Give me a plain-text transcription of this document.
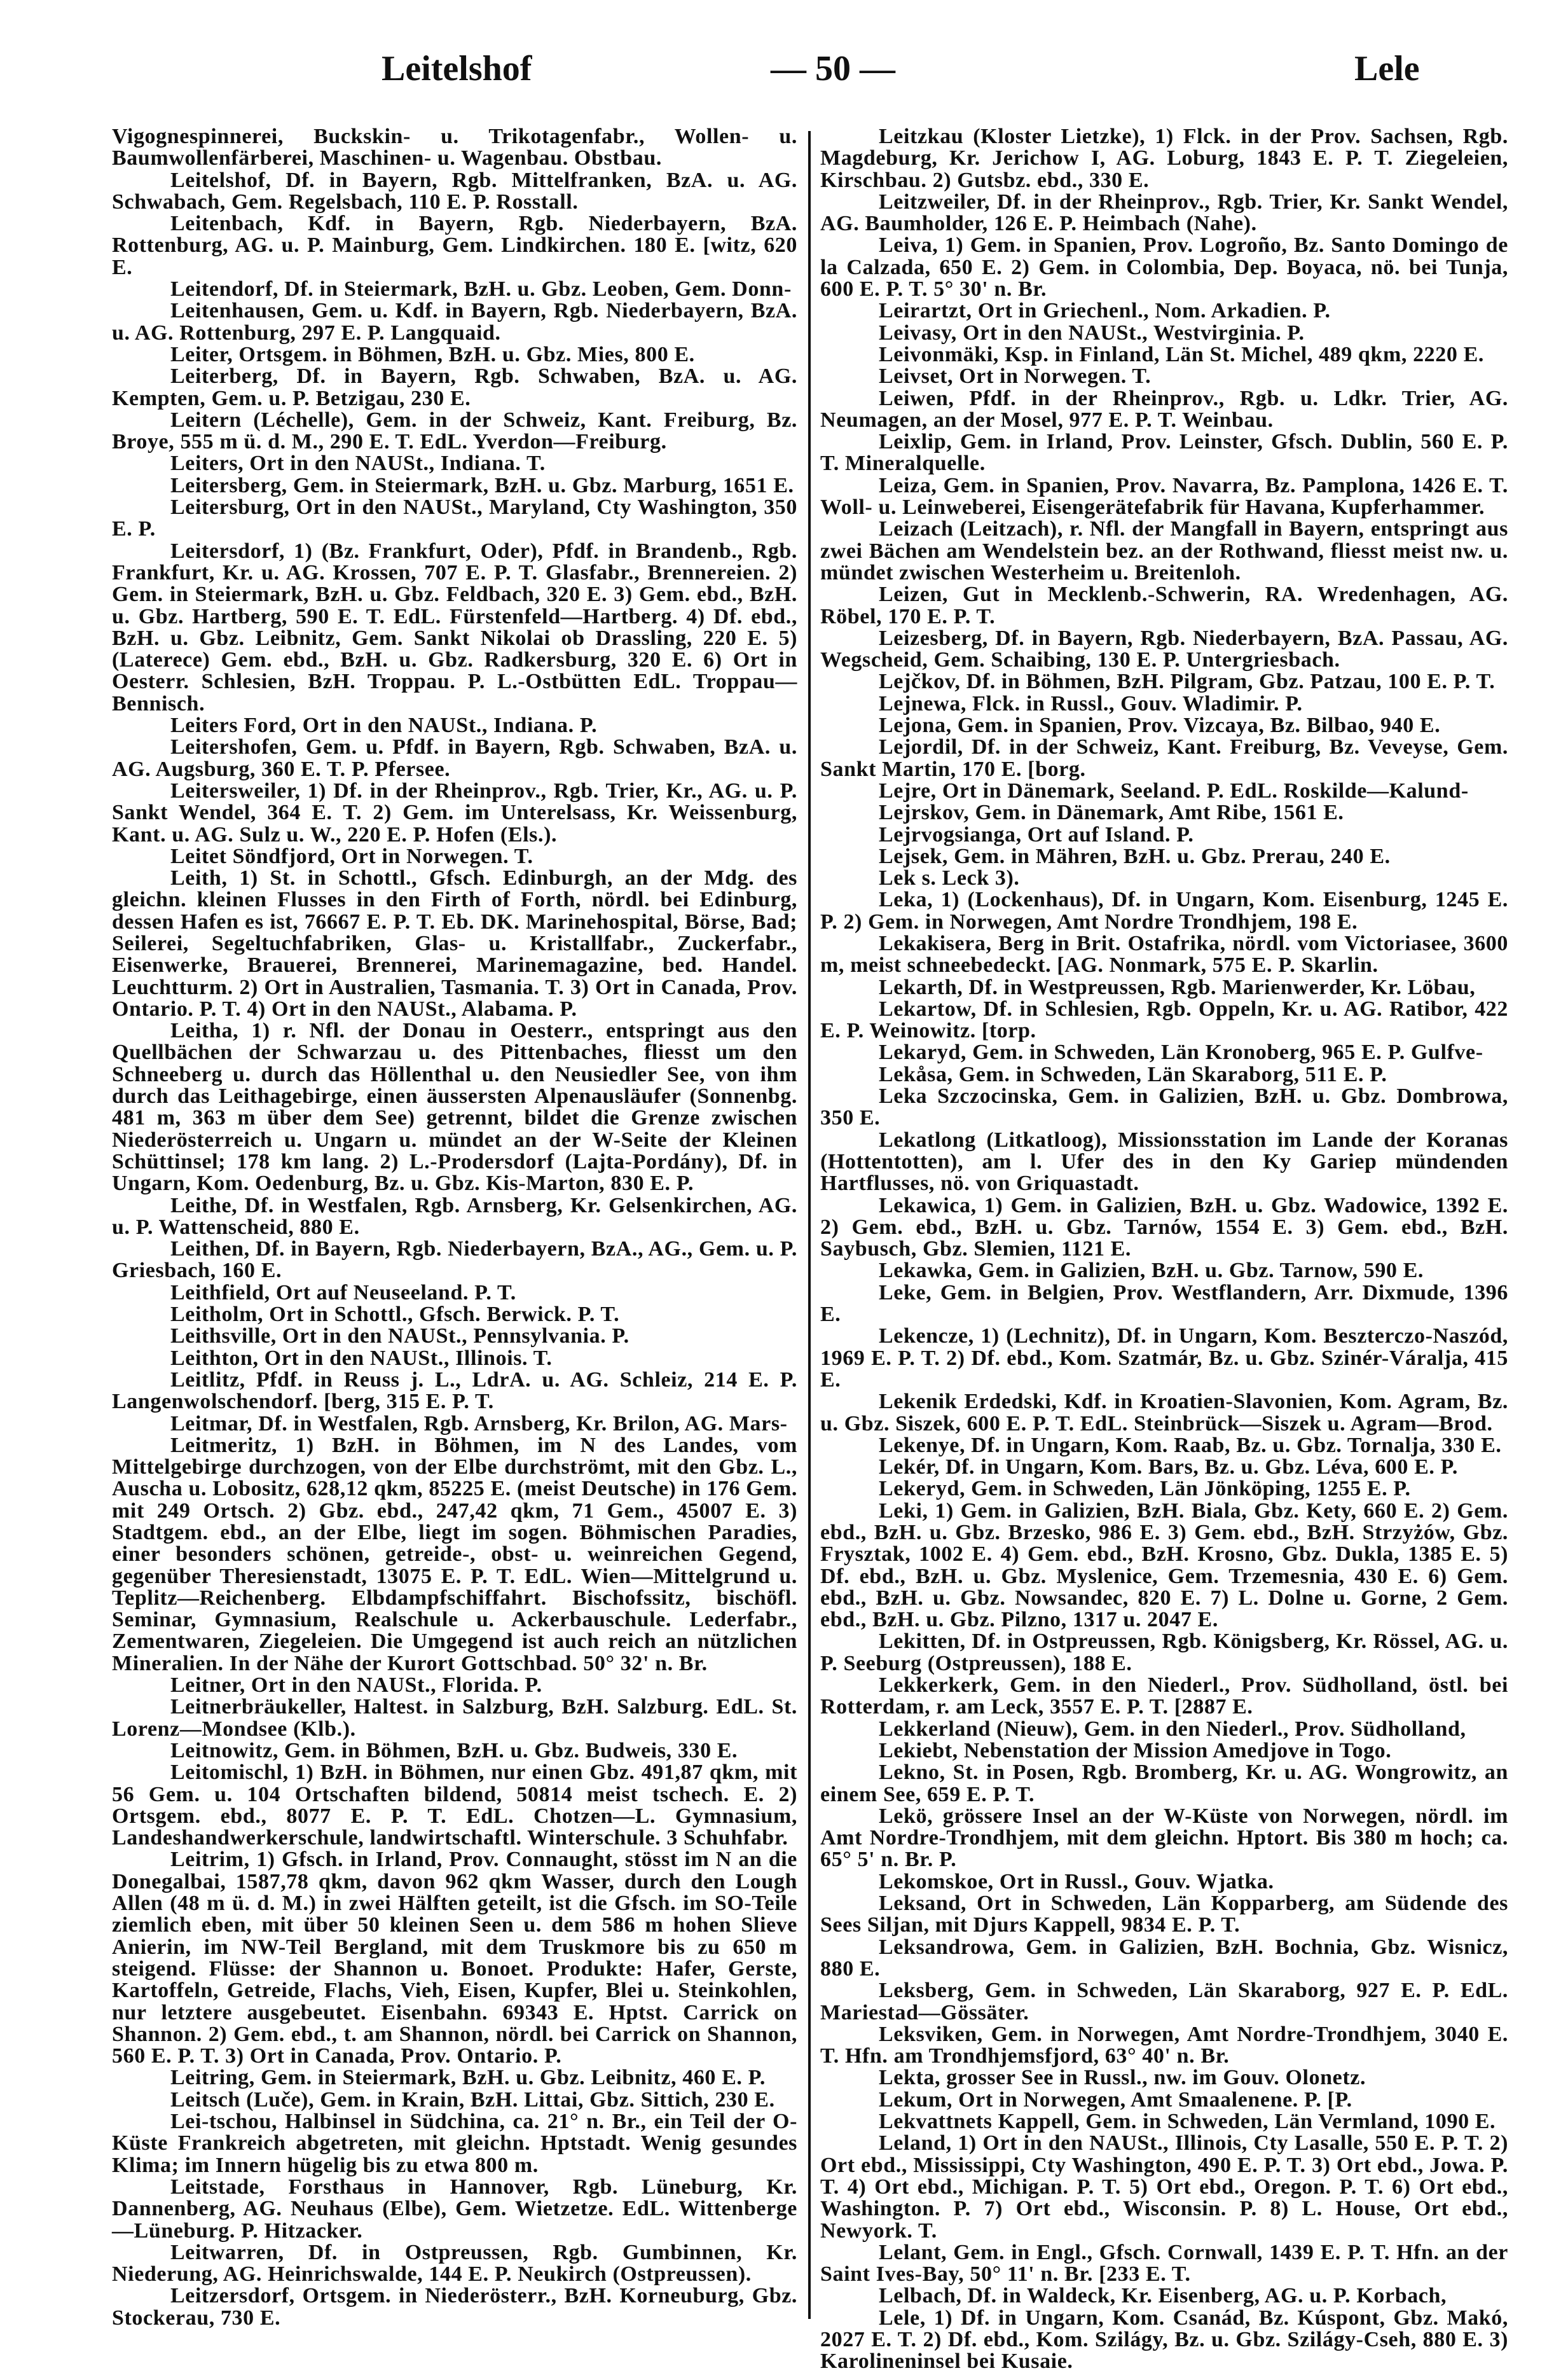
Leitelshof	— 50 —	Lele

Vigognespinnerei, Buckskin- u. Trikotagenfabr., Wollen- u. Baumwollenfärberei, Maschinen- u. Wagenbau. Obstbau.

Leitelshof, Df. in Bayern, Rgb. Mittelfranken, BzA. u. AG. Schwabach, Gem. Regelsbach, 110 E. P. Rosstall.

Leitenbach, Kdf. in Bayern, Rgb. Niederbayern, BzA. Rottenburg, AG. u. P. Mainburg, Gem. Lindkirchen. 180 E. [witz, 620 E.

Leitendorf, Df. in Steiermark, BzH. u. Gbz. Leoben, Gem. Donn-

Leitenhausen, Gem. u. Kdf. in Bayern, Rgb. Niederbayern, BzA. u. AG. Rottenburg, 297 E. P. Langquaid.

Leiter, Ortsgem. in Böhmen, BzH. u. Gbz. Mies, 800 E.

Leiterberg, Df. in Bayern, Rgb. Schwaben, BzA. u. AG. Kempten, Gem. u. P. Betzigau, 230 E.

Leitern (Léchelle), Gem. in der Schweiz, Kant. Freiburg, Bz. Broye, 555 m ü. d. M., 290 E. T. EdL. Yverdon—Freiburg.

Leiters, Ort in den NAUSt., Indiana. T.

Leitersberg, Gem. in Steiermark, BzH. u. Gbz. Marburg, 1651 E.

Leitersburg, Ort in den NAUSt., Maryland, Cty Washington, 350 E. P.

Leitersdorf, 1) (Bz. Frankfurt, Oder), Pfdf. in Brandenb., Rgb. Frankfurt, Kr. u. AG. Krossen, 707 E. P. T. Glasfabr., Brennereien. 2) Gem. in Steiermark, BzH. u. Gbz. Feldbach, 320 E. 3) Gem. ebd., BzH. u. Gbz. Hartberg, 590 E. T. EdL. Fürstenfeld—Hartberg. 4) Df. ebd., BzH. u. Gbz. Leibnitz, Gem. Sankt Nikolai ob Drassling, 220 E. 5) (Laterece) Gem. ebd., BzH. u. Gbz. Radkersburg, 320 E. 6) Ort in Oesterr. Schlesien, BzH. Troppau. P. L.-Ostbütten EdL. Troppau—Bennisch.

Leiters Ford, Ort in den NAUSt., Indiana. P.

Leitershofen, Gem. u. Pfdf. in Bayern, Rgb. Schwaben, BzA. u. AG. Augsburg, 360 E. T. P. Pfersee.

Leitersweiler, 1) Df. in der Rheinprov., Rgb. Trier, Kr., AG. u. P. Sankt Wendel, 364 E. T. 2) Gem. im Unterelsass, Kr. Weissenburg, Kant. u. AG. Sulz u. W., 220 E. P. Hofen (Els.).

Leitet Söndfjord, Ort in Norwegen. T.

Leith, 1) St. in Schottl., Gfsch. Edinburgh, an der Mdg. des gleichn. kleinen Flusses in den Firth of Forth, nördl. bei Edinburg, dessen Hafen es ist, 76667 E. P. T. Eb. DK. Marinehospital, Börse, Bad; Seilerei, Segeltuchfabriken, Glas- u. Kristallfabr., Zuckerfabr., Eisenwerke, Brauerei, Brennerei, Marinemagazine, bed. Handel. Leuchtturm. 2) Ort in Australien, Tasmania. T. 3) Ort in Canada, Prov. Ontario. P. T. 4) Ort in den NAUSt., Alabama. P.

Leitha, 1) r. Nfl. der Donau in Oesterr., entspringt aus den Quellbächen der Schwarzau u. des Pittenbaches, fliesst um den Schneeberg u. durch das Höllenthal u. den Neusiedler See, von ihm durch das Leithagebirge, einen äussersten Alpenausläufer (Sonnenbg. 481 m, 363 m über dem See) getrennt, bildet die Grenze zwischen Niederösterreich u. Ungarn u. mündet an der W-Seite der Kleinen Schüttinsel; 178 km lang. 2) L.-Prodersdorf (Lajta-Pordány), Df. in Ungarn, Kom. Oedenburg, Bz. u. Gbz. Kis-Marton, 830 E. P.

Leithe, Df. in Westfalen, Rgb. Arnsberg, Kr. Gelsenkirchen, AG. u. P. Wattenscheid, 880 E.

Leithen, Df. in Bayern, Rgb. Niederbayern, BzA., AG., Gem. u. P. Griesbach, 160 E.

Leithfield, Ort auf Neuseeland. P. T.

Leitholm, Ort in Schottl., Gfsch. Berwick. P. T.

Leithsville, Ort in den NAUSt., Pennsylvania. P.

Leithton, Ort in den NAUSt., Illinois. T.

Leitlitz, Pfdf. in Reuss j. L., LdrA. u. AG. Schleiz, 214 E. P. Langenwolschendorf. [berg, 315 E. P. T.

Leitmar, Df. in Westfalen, Rgb. Arnsberg, Kr. Brilon, AG. Mars-

Leitmeritz, 1) BzH. in Böhmen, im N des Landes, vom Mittelgebirge durchzogen, von der Elbe durchströmt, mit den Gbz. L., Auscha u. Lobositz, 628,12 qkm, 85225 E. (meist Deutsche) in 176 Gem. mit 249 Ortsch. 2) Gbz. ebd., 247,42 qkm, 71 Gem., 45007 E. 3) Stadtgem. ebd., an der Elbe, liegt im sogen. Böhmischen Paradies, einer besonders schönen, getreide-, obst- u. weinreichen Gegend, gegenüber Theresienstadt, 13075 E. P. T. EdL. Wien—Mittelgrund u. Teplitz—Reichenberg. Elbdampfschiffahrt. Bischofssitz, bischöfl. Seminar, Gymnasium, Realschule u. Ackerbauschule. Lederfabr., Zementwaren, Ziegeleien. Die Umgegend ist auch reich an nützlichen Mineralien. In der Nähe der Kurort Gottschbad. 50° 32' n. Br.

Leitner, Ort in den NAUSt., Florida. P.

Leitnerbräukeller, Haltest. in Salzburg, BzH. Salzburg. EdL. St. Lorenz—Mondsee (Klb.).

Leitnowitz, Gem. in Böhmen, BzH. u. Gbz. Budweis, 330 E.

Leitomischl, 1) BzH. in Böhmen, nur einen Gbz. 491,87 qkm, mit 56 Gem. u. 104 Ortschaften bildend, 50814 meist tschech. E. 2) Ortsgem. ebd., 8077 E. P. T. EdL. Chotzen—L. Gymnasium, Landeshandwerkerschule, landwirtschaftl. Winterschule. 3 Schuhfabr.

Leitrim, 1) Gfsch. in Irland, Prov. Connaught, stösst im N an die Donegalbai, 1587,78 qkm, davon 962 qkm Wasser, durch den Lough Allen (48 m ü. d. M.) in zwei Hälften geteilt, ist die Gfsch. im SO-Teile ziemlich eben, mit über 50 kleinen Seen u. dem 586 m hohen Slieve Anierin, im NW-Teil Bergland, mit dem Truskmore bis zu 650 m steigend. Flüsse: der Shannon u. Bonoet. Produkte: Hafer, Gerste, Kartoffeln, Getreide, Flachs, Vieh, Eisen, Kupfer, Blei u. Steinkohlen, nur letztere ausgebeutet. Eisenbahn. 69343 E. Hptst. Carrick on Shannon. 2) Gem. ebd., t. am Shannon, nördl. bei Carrick on Shannon, 560 E. P. T. 3) Ort in Canada, Prov. Ontario. P.

Leitring, Gem. in Steiermark, BzH. u. Gbz. Leibnitz, 460 E. P.

Leitsch (Luče), Gem. in Krain, BzH. Littai, Gbz. Sittich, 230 E.

Lei-tschou, Halbinsel in Südchina, ca. 21° n. Br., ein Teil der O-Küste Frankreich abgetreten, mit gleichn. Hptstadt. Wenig gesundes Klima; im Innern hügelig bis zu etwa 800 m.

Leitstade, Forsthaus in Hannover, Rgb. Lüneburg, Kr. Dannenberg, AG. Neuhaus (Elbe), Gem. Wietzetze. EdL. Wittenberge—Lüneburg. P. Hitzacker.

Leitwarren, Df. in Ostpreussen, Rgb. Gumbinnen, Kr. Niederung, AG. Heinrichswalde, 144 E. P. Neukirch (Ostpreussen).

Leitzersdorf, Ortsgem. in Niederösterr., BzH. Korneuburg, Gbz. Stockerau, 730 E.

Leitzkau (Kloster Lietzke), 1) Flck. in der Prov. Sachsen, Rgb. Magdeburg, Kr. Jerichow I, AG. Loburg, 1843 E. P. T. Ziegeleien, Kirschbau. 2) Gutsbz. ebd., 330 E.

Leitzweiler, Df. in der Rheinprov., Rgb. Trier, Kr. Sankt Wendel, AG. Baumholder, 126 E. P. Heimbach (Nahe).

Leiva, 1) Gem. in Spanien, Prov. Logroño, Bz. Santo Domingo de la Calzada, 650 E. 2) Gem. in Colombia, Dep. Boyaca, nö. bei Tunja, 600 E. P. T. 5° 30' n. Br.

Leirartzt, Ort in Griechenl., Nom. Arkadien. P.

Leivasy, Ort in den NAUSt., Westvirginia. P.

Leivonmäki, Ksp. in Finland, Län St. Michel, 489 qkm, 2220 E.

Leivset, Ort in Norwegen. T.

Leiwen, Pfdf. in der Rheinprov., Rgb. u. Ldkr. Trier, AG. Neumagen, an der Mosel, 977 E. P. T. Weinbau.

Leixlip, Gem. in Irland, Prov. Leinster, Gfsch. Dublin, 560 E. P. T. Mineralquelle.

Leiza, Gem. in Spanien, Prov. Navarra, Bz. Pamplona, 1426 E. T. Woll- u. Leinweberei, Eisengerätefabrik für Havana, Kupferhammer.

Leizach (Leitzach), r. Nfl. der Mangfall in Bayern, entspringt aus zwei Bächen am Wendelstein bez. an der Rothwand, fliesst meist nw. u. mündet zwischen Westerheim u. Breitenloh.

Leizen, Gut in Mecklenb.-Schwerin, RA. Wredenhagen, AG. Röbel, 170 E. P. T.

Leizesberg, Df. in Bayern, Rgb. Niederbayern, BzA. Passau, AG. Wegscheid, Gem. Schaibing, 130 E. P. Untergriesbach.

Lejčkov, Df. in Böhmen, BzH. Pilgram, Gbz. Patzau, 100 E. P. T.

Lejnewa, Flck. in Russl., Gouv. Wladimir. P.

Lejona, Gem. in Spanien, Prov. Vizcaya, Bz. Bilbao, 940 E.

Lejordil, Df. in der Schweiz, Kant. Freiburg, Bz. Veveyse, Gem. Sankt Martin, 170 E. [borg.

Lejre, Ort in Dänemark, Seeland. P. EdL. Roskilde—Kalund-

Lejrskov, Gem. in Dänemark, Amt Ribe, 1561 E.

Lejrvogsianga, Ort auf Island. P.

Lejsek, Gem. in Mähren, BzH. u. Gbz. Prerau, 240 E.

Lek s. Leck 3).

Leka, 1) (Lockenhaus), Df. in Ungarn, Kom. Eisenburg, 1245 E. P. 2) Gem. in Norwegen, Amt Nordre Trondhjem, 198 E.

Lekakisera, Berg in Brit. Ostafrika, nördl. vom Victoriasee, 3600 m, meist schneebedeckt. [AG. Nonmark, 575 E. P. Skarlin.

Lekarth, Df. in Westpreussen, Rgb. Marienwerder, Kr. Löbau,

Lekartow, Df. in Schlesien, Rgb. Oppeln, Kr. u. AG. Ratibor, 422 E. P. Weinowitz. [torp.

Lekaryd, Gem. in Schweden, Län Kronoberg, 965 E. P. Gulfve-

Lekåsa, Gem. in Schweden, Län Skaraborg, 511 E. P.

Leka Szczocinska, Gem. in Galizien, BzH. u. Gbz. Dombrowa, 350 E.

Lekatlong (Litkatloog), Missionsstation im Lande der Koranas (Hottentotten), am l. Ufer des in den Ky Gariep mündenden Hartflusses, nö. von Griquastadt.

Lekawica, 1) Gem. in Galizien, BzH. u. Gbz. Wadowice, 1392 E. 2) Gem. ebd., BzH. u. Gbz. Tarnów, 1554 E. 3) Gem. ebd., BzH. Saybusch, Gbz. Slemien, 1121 E.

Lekawka, Gem. in Galizien, BzH. u. Gbz. Tarnow, 590 E.

Leke, Gem. in Belgien, Prov. Westflandern, Arr. Dixmude, 1396 E.

Lekencze, 1) (Lechnitz), Df. in Ungarn, Kom. Beszterczo-Naszód, 1969 E. P. T. 2) Df. ebd., Kom. Szatmár, Bz. u. Gbz. Szinér-Váralja, 415 E.

Lekenik Erdedski, Kdf. in Kroatien-Slavonien, Kom. Agram, Bz. u. Gbz. Siszek, 600 E. P. T. EdL. Steinbrück—Siszek u. Agram—Brod.

Lekenye, Df. in Ungarn, Kom. Raab, Bz. u. Gbz. Tornalja, 330 E.

Lekér, Df. in Ungarn, Kom. Bars, Bz. u. Gbz. Léva, 600 E. P.

Lekeryd, Gem. in Schweden, Län Jönköping, 1255 E. P.

Leki, 1) Gem. in Galizien, BzH. Biala, Gbz. Kety, 660 E. 2) Gem. ebd., BzH. u. Gbz. Brzesko, 986 E. 3) Gem. ebd., BzH. Strzyżów, Gbz. Frysztak, 1002 E. 4) Gem. ebd., BzH. Krosno, Gbz. Dukla, 1385 E. 5) Df. ebd., BzH. u. Gbz. Myslenice, Gem. Trzemesnia, 430 E. 6) Gem. ebd., BzH. u. Gbz. Nowsandec, 820 E. 7) L. Dolne u. Gorne, 2 Gem. ebd., BzH. u. Gbz. Pilzno, 1317 u. 2047 E.

Lekitten, Df. in Ostpreussen, Rgb. Königsberg, Kr. Rössel, AG. u. P. Seeburg (Ostpreussen), 188 E.

Lekkerkerk, Gem. in den Niederl., Prov. Südholland, östl. bei Rotterdam, r. am Leck, 3557 E. P. T. [2887 E.

Lekkerland (Nieuw), Gem. in den Niederl., Prov. Südholland,

Lekiebt, Nebenstation der Mission Amedjove in Togo.

Lekno, St. in Posen, Rgb. Bromberg, Kr. u. AG. Wongrowitz, an einem See, 659 E. P. T.

Lekö, grössere Insel an der W-Küste von Norwegen, nördl. im Amt Nordre-Trondhjem, mit dem gleichn. Hptort. Bis 380 m hoch; ca. 65° 5' n. Br. P.

Lekomskoe, Ort in Russl., Gouv. Wjatka.

Leksand, Ort in Schweden, Län Kopparberg, am Südende des Sees Siljan, mit Djurs Kappell, 9834 E. P. T.

Leksandrowa, Gem. in Galizien, BzH. Bochnia, Gbz. Wisnicz, 880 E.

Leksberg, Gem. in Schweden, Län Skaraborg, 927 E. P. EdL. Mariestad—Gössäter.

Leksviken, Gem. in Norwegen, Amt Nordre-Trondhjem, 3040 E. T. Hfn. am Trondhjemsfjord, 63° 40' n. Br.

Lekta, grosser See in Russl., nw. im Gouv. Olonetz.

Lekum, Ort in Norwegen, Amt Smaalenene. P. [P.

Lekvattnets Kappell, Gem. in Schweden, Län Vermland, 1090 E.

Leland, 1) Ort in den NAUSt., Illinois, Cty Lasalle, 550 E. P. T. 2) Ort ebd., Mississippi, Cty Washington, 490 E. P. T. 3) Ort ebd., Jowa. P. T. 4) Ort ebd., Michigan. P. T. 5) Ort ebd., Oregon. P. T. 6) Ort ebd., Washington. P. 7) Ort ebd., Wisconsin. P. 8) L. House, Ort ebd., Newyork. T.

Lelant, Gem. in Engl., Gfsch. Cornwall, 1439 E. P. T. Hfn. an der Saint Ives-Bay, 50° 11' n. Br. [233 E. T.

Lelbach, Df. in Waldeck, Kr. Eisenberg, AG. u. P. Korbach,

Lele, 1) Df. in Ungarn, Kom. Csanád, Bz. Kúspont, Gbz. Makó, 2027 E. T. 2) Df. ebd., Kom. Szilágy, Bz. u. Gbz. Szilágy-Cseh, 880 E. 3) Karolineninsel bei Kusaie.
